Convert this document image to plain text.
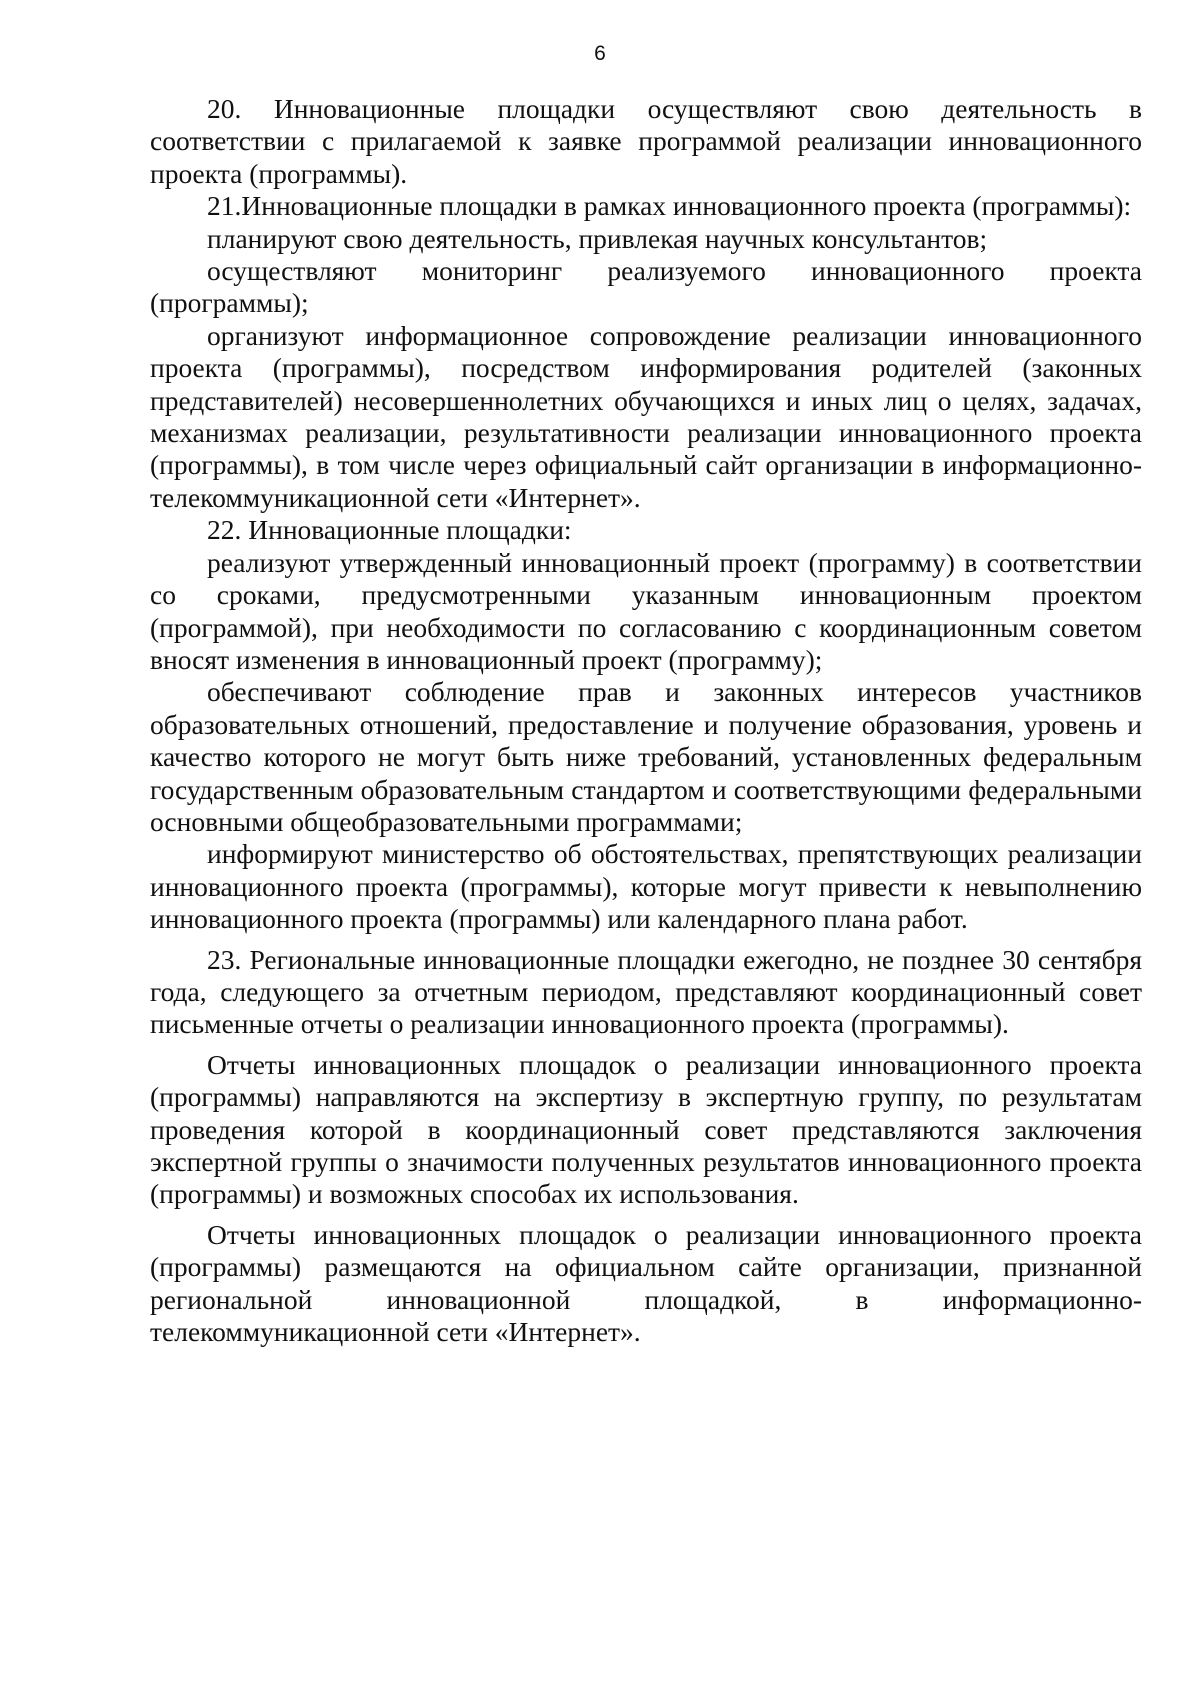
6

20. Инновационные площадки осуществляют свою деятельность в соответствии с прилагаемой к заявке программой реализации инновационного проекта (программы).

21.Инновационные площадки в рамках инновационного проекта (программы):

планируют свою деятельность, привлекая научных консультантов;

осуществляют мониторинг реализуемого инновационного проекта (программы);

организуют информационное сопровождение реализации инновационного проекта (программы), посредством информирования родителей (законных представителей) несовершеннолетних обучающихся и иных лиц о целях, задачах, механизмах реализации, результативности реализации инновационного проекта (программы), в том числе через официальный сайт организации в информационно-телекоммуникационной сети «Интернет».

22. Инновационные площадки:

реализуют утвержденный инновационный проект (программу) в соответствии со сроками, предусмотренными указанным инновационным проектом (программой), при необходимости по согласованию с координационным советом вносят изменения в инновационный проект (программу);

обеспечивают соблюдение прав и законных интересов участников образовательных отношений, предоставление и получение образования, уровень и качество которого не могут быть ниже требований, установленных федеральным государственным образовательным стандартом и соответствующими федеральными основными общеобразовательными программами;

информируют министерство об обстоятельствах, препятствующих реализации инновационного проекта (программы), которые могут привести к невыполнению инновационного проекта (программы) или календарного плана работ.

23. Региональные инновационные площадки ежегодно, не позднее 30 сентября года, следующего за отчетным периодом, представляют координационный совет письменные отчеты о реализации инновационного проекта (программы).

Отчеты инновационных площадок о реализации инновационного проекта (программы) направляются на экспертизу в экспертную группу, по результатам проведения которой в координационный совет представляются заключения экспертной группы о значимости полученных результатов инновационного проекта (программы) и возможных способах их использования.

Отчеты инновационных площадок о реализации инновационного проекта (программы) размещаются на официальном сайте организации, признанной региональной инновационной площадкой, в информационно-телекоммуникационной сети «Интернет».
